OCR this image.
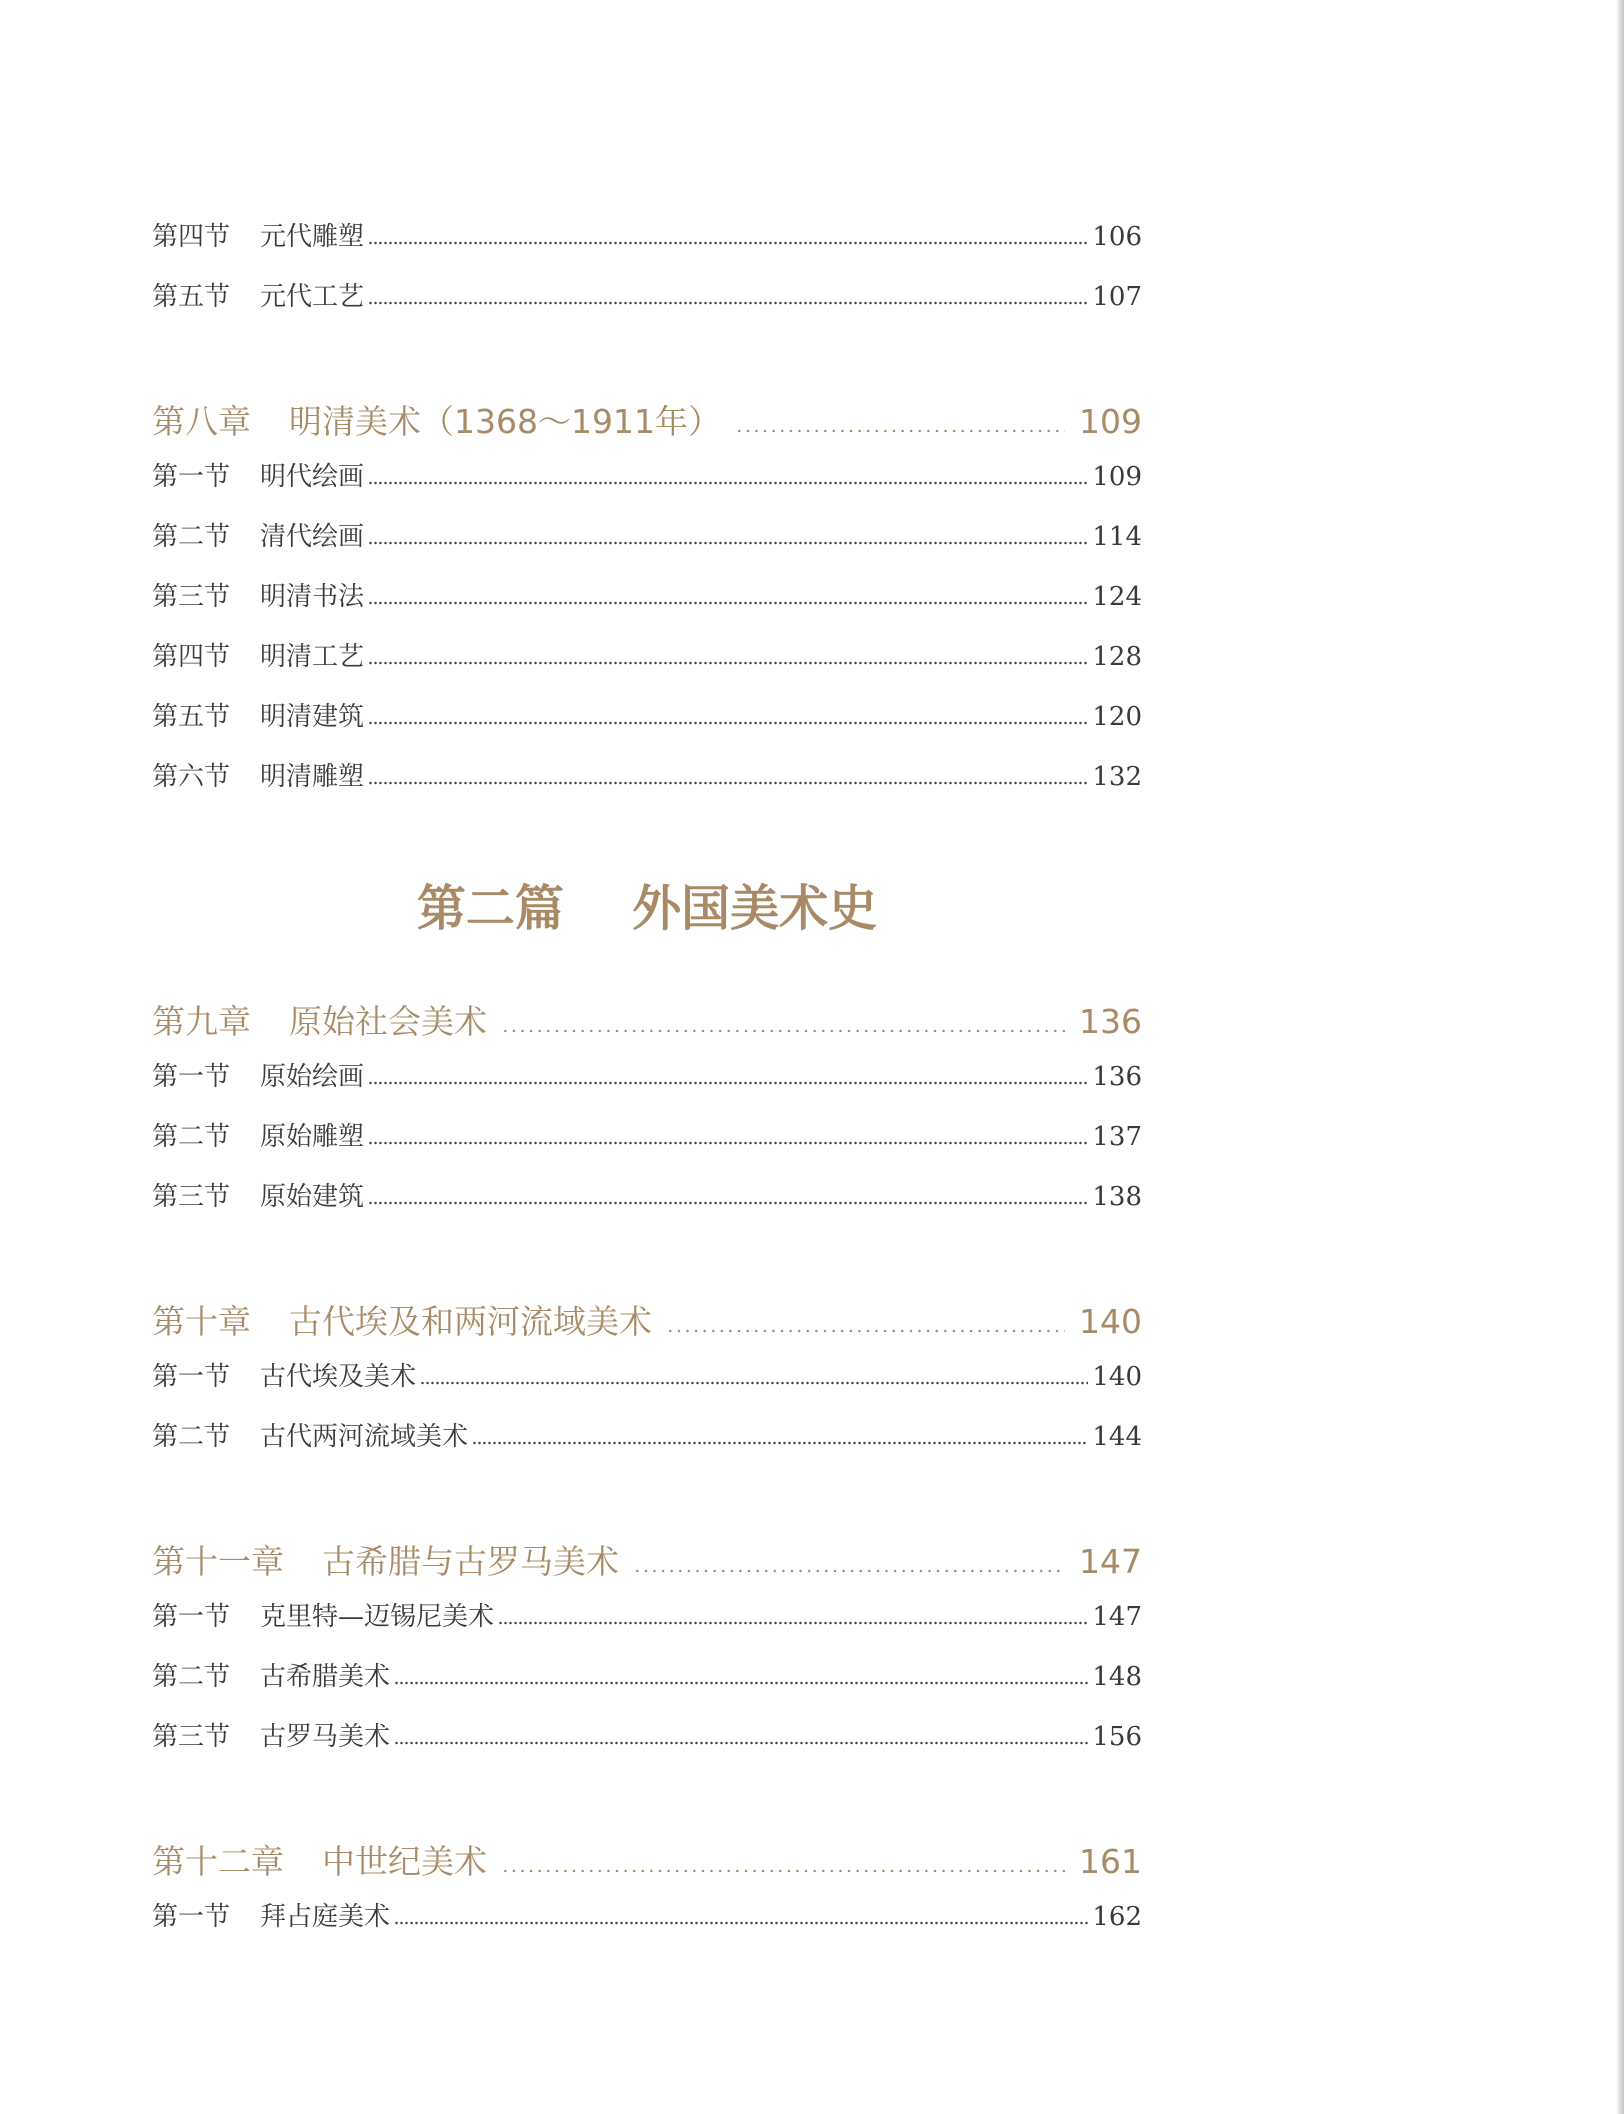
第四节	元代雕塑	106
第五节	元代工艺	107
第八章 明清美术（1368～1911年）	109
第一节	明代绘画	109
第二节	清代绘画	114
第三节	明清书法	124
第四节	明清工艺	128
第五节	明清建筑	120
第六节	明清雕塑	132
第二篇 外国美术史
第九章 原始社会美术	136
第一节	原始绘画	136
第二节	原始雕塑	137
第三节	原始建筑	138
第十章 古代埃及和两河流域美术	140
第一节	古代埃及美术	140
第二节	古代两河流域美术	144
第十一章 古希腊与古罗马美术	147
第一节	克里特—迈锡尼美术	147
第二节	古希腊美术	148
第三节	古罗马美术	156
第十二章 中世纪美术	161
第一节	拜占庭美术	162
